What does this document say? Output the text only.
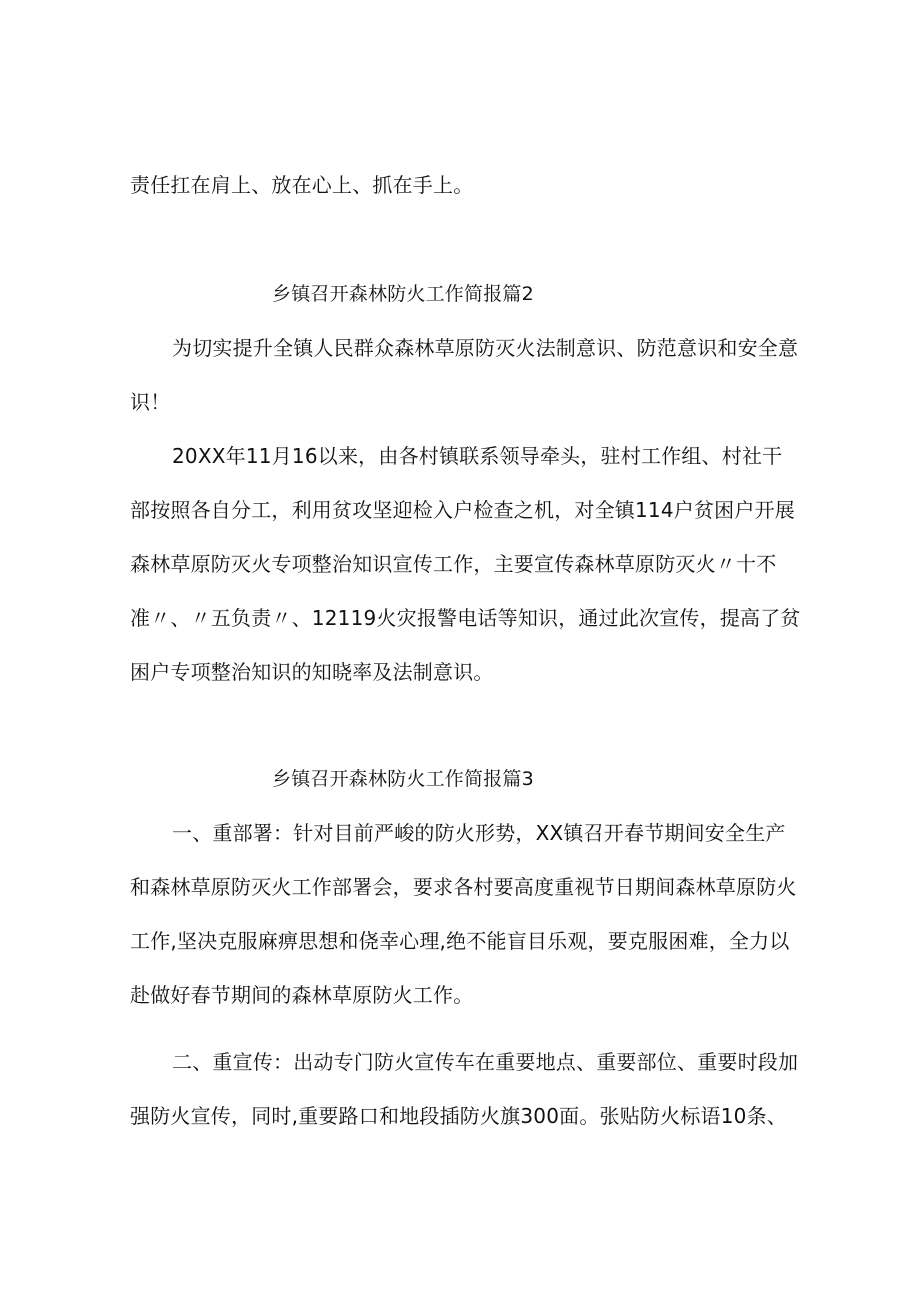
责任扛在肩上、放在心上、抓在手上。
乡镇召开森林防火工作简报篇2
为切实提升全镇人民群众森林草原防灭火法制意识、防范意识和安全意
识！
20XX年11月16以来，由各村镇联系领导牵头，驻村工作组、村社干
部按照各自分工，利用贫攻坚迎检入户检查之机，对全镇114户贫困户开展
森林草原防灭火专项整治知识宣传工作，主要宣传森林草原防灭火〃十不
准〃、〃五负责〃、12119火灾报警电话等知识，通过此次宣传，提高了贫
困户专项整治知识的知晓率及法制意识。
乡镇召开森林防火工作简报篇3
一、重部署：针对目前严峻的防火形势，XX镇召开春节期间安全生产
和森林草原防灭火工作部署会，要求各村要高度重视节日期间森林草原防火
工作,坚决克服麻痹思想和侥幸心理,绝不能盲目乐观，要克服困难，全力以
赴做好春节期间的森林草原防火工作。
二、重宣传：出动专门防火宣传车在重要地点、重要部位、重要时段加
强防火宣传，同时,重要路口和地段插防火旗300面。张贴防火标语10条、
